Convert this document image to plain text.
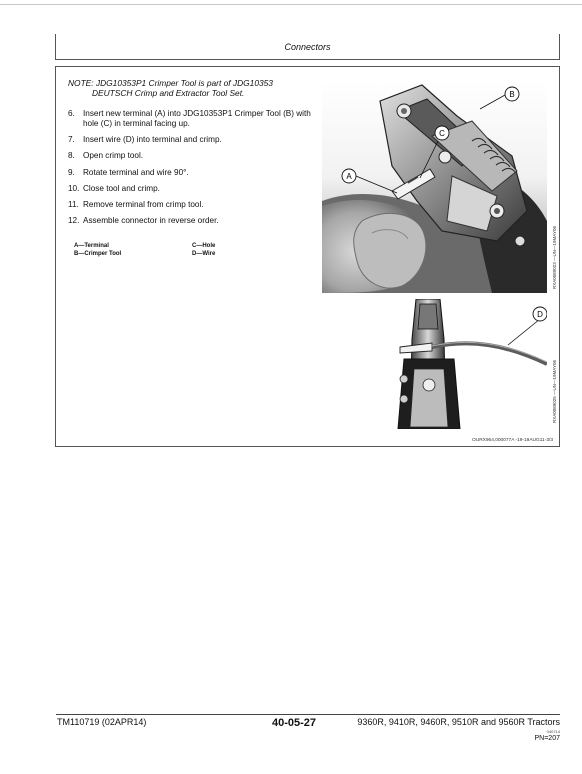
Connectors
NOTE: JDG10353P1 Crimper Tool is part of JDG10353
DEUTSCH Crimp and Extractor Tool Set.
6. Insert new terminal (A) into JDG10353P1 Crimper Tool (B) with hole (C) in terminal facing up.
7. Insert wire (D) into terminal and crimp.
8. Open crimp tool.
9. Rotate terminal and wire 90°.
10. Close tool and crimp.
11. Remove terminal from crimp tool.
12. Assemble connector in reverse order.
A—Terminal	C—Hole
B—Crimper Tool	D—Wire
A
B
C
RXA0089023 —UN—19MAY06
D
RXA0089025 —UN—19MAY06
OURX964,000077A -19-19AUG11-3/3
TM110719 (02APR14)	40-05-27	9360R, 9410R, 9460R, 9510R and 9560R Tractors
040714
PN=207
